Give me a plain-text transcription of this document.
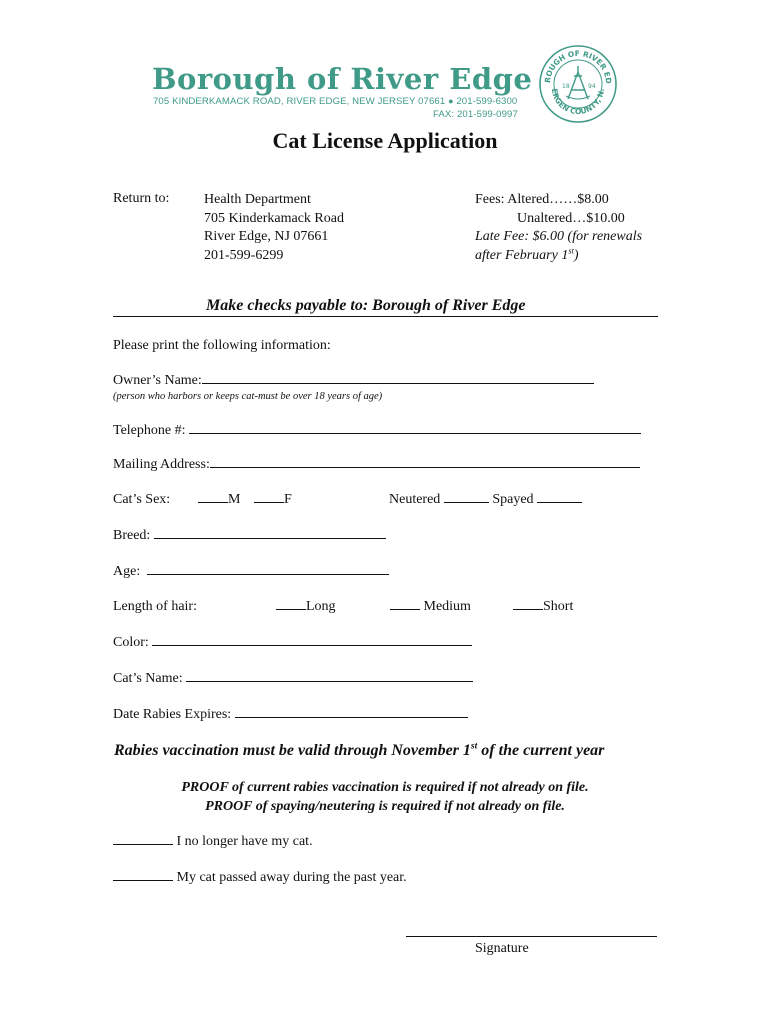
Borough of River Edge
705 KINDERKAMACK ROAD, RIVER EDGE, NEW JERSEY 07661 ● 201-599-6300
FAX: 201-599-0997
ROUGH OF RIVER ED
ERGEN COUNTY, N.
18	94
Cat License Application
Return to: Health Department
705 Kinderkamack Road
River Edge, NJ 07661
201-599-6299
Fees: Altered……$8.00
Unaltered…$10.00
Late Fee: $6.00 (for renewals
after February 1st)
Make checks payable to: Borough of River Edge
Please print the following information:
Owner’s Name:
(person who harbors or keeps cat-must be over 18 years of age)
Telephone #:
Mailing Address:
Cat’s Sex:	M	F	Neutered	Spayed
Breed:
Age:
Length of hair:	Long	Medium	Short
Color:
Cat’s Name:
Date Rabies Expires:
Rabies vaccination must be valid through November 1st of the current year
PROOF of current rabies vaccination is required if not already on file.
PROOF of spaying/neutering is required if not already on file.
I no longer have my cat.
My cat passed away during the past year.
Signature
